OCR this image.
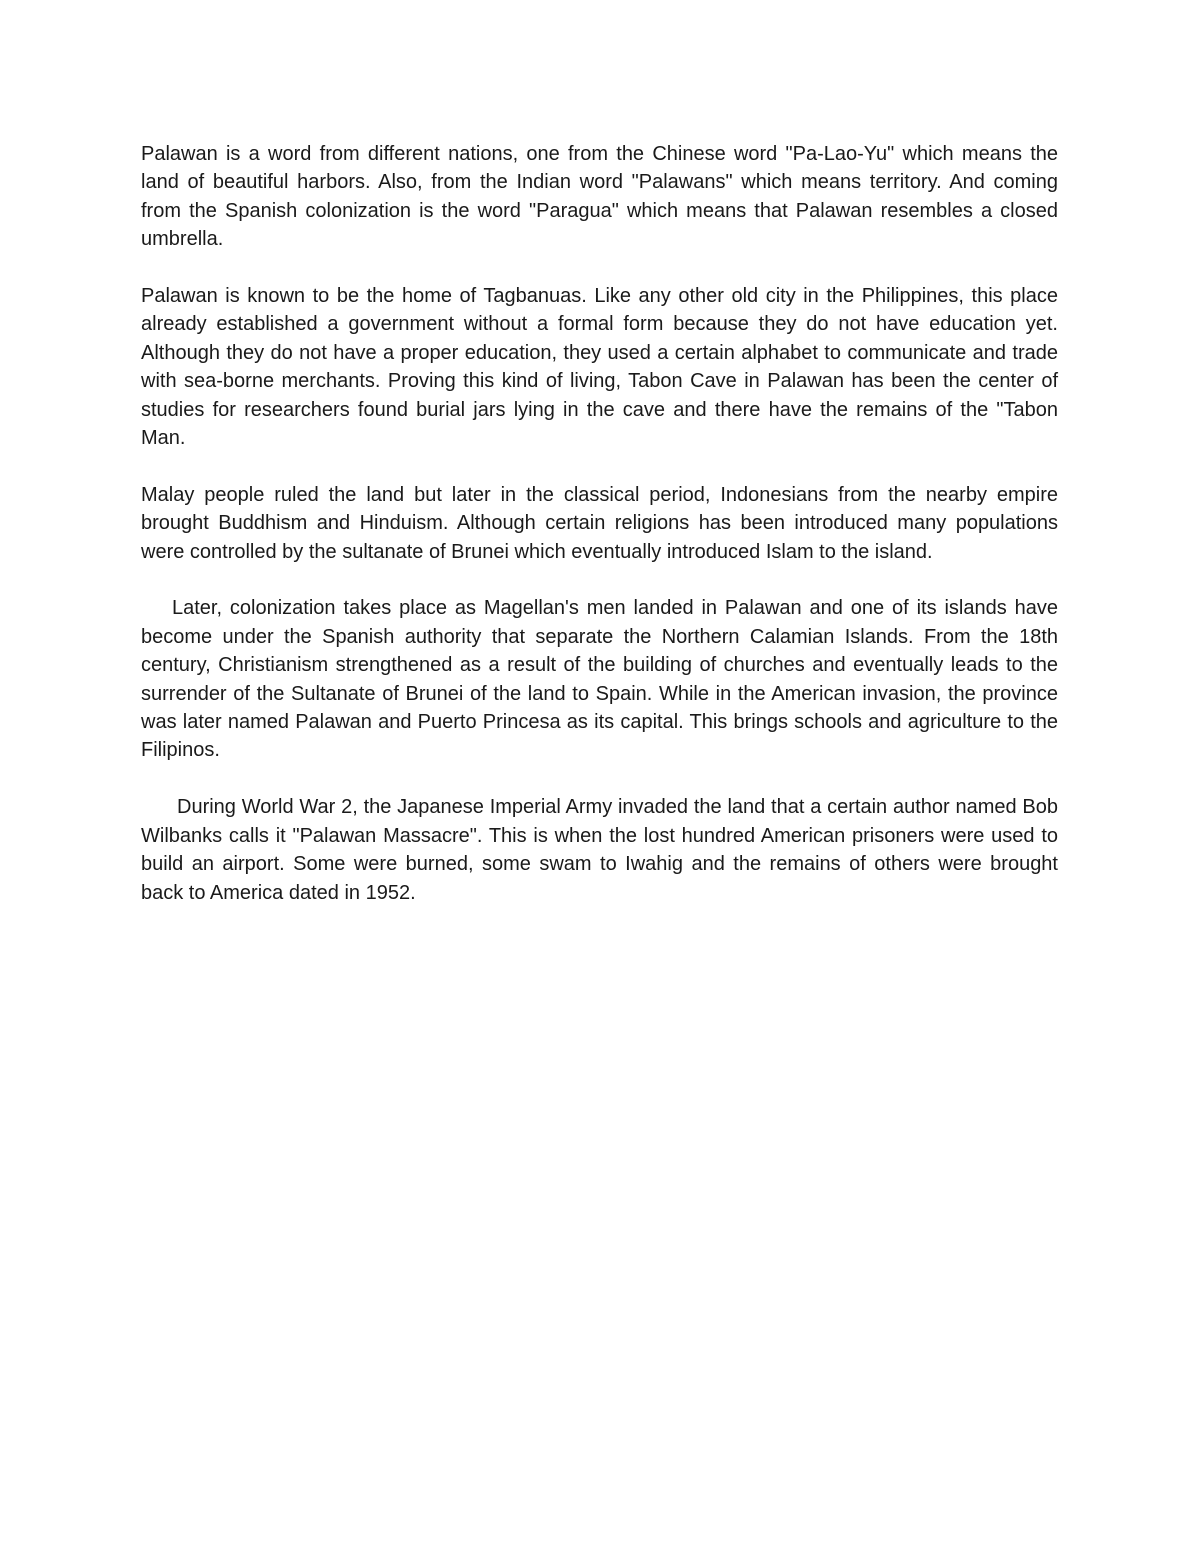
Palawan is a word from different nations, one from the Chinese word "Pa-Lao-Yu" which means the land of beautiful harbors. Also, from the Indian word "Palawans" which means territory. And coming from the Spanish colonization is the word "Paragua" which means that Palawan resembles a closed umbrella.

Palawan is known to be the home of Tagbanuas. Like any other old city in the Philippines, this place already established a government without a formal form because they do not have education yet. Although they do not have a proper education, they used a certain alphabet to communicate and trade with sea-borne merchants. Proving this kind of living, Tabon Cave in Palawan has been the center of studies for researchers found burial jars lying in the cave and there have the remains of the "Tabon Man.

Malay people ruled the land but later in the classical period, Indonesians from the nearby empire brought Buddhism and Hinduism. Although certain religions has been introduced many populations were controlled by the sultanate of Brunei which eventually introduced Islam to the island.

Later, colonization takes place as Magellan's men landed in Palawan and one of its islands have become under the Spanish authority that separate the Northern Calamian Islands. From the 18th century, Christianism strengthened as a result of the building of churches and eventually leads to the surrender of the Sultanate of Brunei of the land to Spain. While in the American invasion, the province was later named Palawan and Puerto Princesa as its capital. This brings schools and agriculture to the Filipinos.

During World War 2, the Japanese Imperial Army invaded the land that a certain author named Bob Wilbanks calls it "Palawan Massacre". This is when the lost hundred American prisoners were used to build an airport. Some were burned, some swam to Iwahig and the remains of others were brought back to America dated in 1952.
